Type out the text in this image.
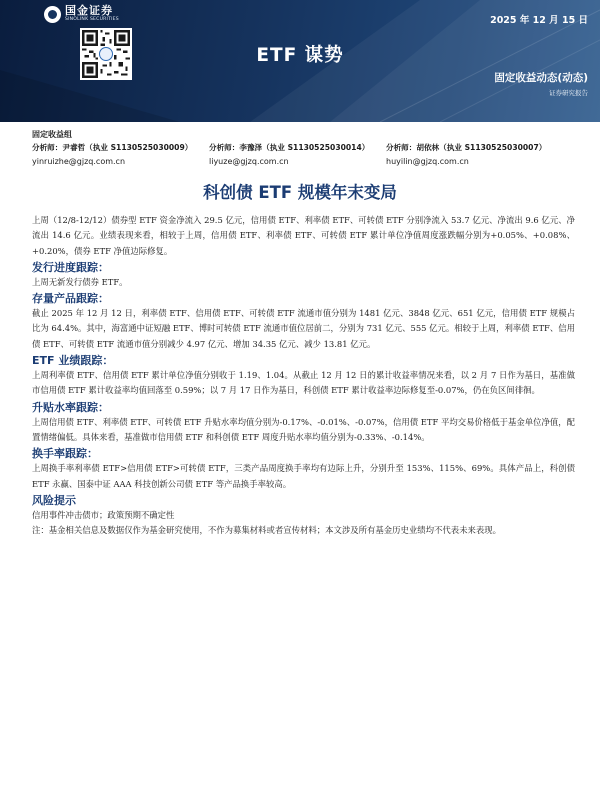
国金证券
SINOLINK SECURITIES	2025 年 12 月 15 日
ETF 谋势
固定收益动态(动态)
证券研究报告
固定收益组
分析师：尹睿哲（执业 S1130525030009）
yinruizhe@gjzq.com.cn
分析师：李豫泽（执业 S1130525030014）
liyuze@gjzq.com.cn
分析师：胡依林（执业 S1130525030007）
huyilin@gjzq.com.cn
科创债 ETF 规模年末变局

上周（12/8-12/12）债券型 ETF 资金净流入 29.5 亿元，信用债 ETF、利率债 ETF、可转债 ETF 分别净流入 53.7 亿元、净流出 9.6 亿元、净流出 14.6 亿元。业绩表现来看，相较于上周，信用债 ETF、利率债 ETF、可转债 ETF 累计单位净值周度涨跌幅分别为+0.05%、+0.08%、+0.20%，债券 ETF 净值边际修复。

发行进度跟踪：

上周无新发行债券 ETF。

存量产品跟踪：

截止 2025 年 12 月 12 日，利率债 ETF、信用债 ETF、可转债 ETF 流通市值分别为 1481 亿元、3848 亿元、651 亿元，信用债 ETF 规模占比为 64.4%。其中，海富通中证短融 ETF、博时可转债 ETF 流通市值位居前二，分别为 731 亿元、555 亿元。相较于上周，利率债 ETF、信用债 ETF、可转债 ETF 流通市值分别减少 4.97 亿元、增加 34.35 亿元、减少 13.81 亿元。

ETF 业绩跟踪：

上周利率债 ETF、信用债 ETF 累计单位净值分别收于 1.19、1.04。从截止 12 月 12 日的累计收益率情况来看，以 2 月 7 日作为基日，基准做市信用债 ETF 累计收益率均值回落至 0.59%；以 7 月 17 日作为基日，科创债 ETF 累计收益率边际修复至-0.07%，仍在负区间徘徊。

升贴水率跟踪：

上周信用债 ETF、利率债 ETF、可转债 ETF 升贴水率均值分别为-0.17%、-0.01%、-0.07%，信用债 ETF 平均交易价格低于基金单位净值，配置情绪偏低。具体来看，基准做市信用债 ETF 和科创债 ETF 周度升贴水率均值分别为-0.33%、-0.14%。

换手率跟踪：

上周换手率利率债 ETF>信用债 ETF>可转债 ETF，三类产品周度换手率均有边际上升，分别升至 153%、115%、69%。具体产品上，科创债 ETF 永赢、国泰中证 AAA 科技创新公司债 ETF 等产品换手率较高。

风险提示

信用事件冲击债市；政策预期不确定性

注：基金相关信息及数据仅作为基金研究使用，不作为募集材料或者宣传材料；本文涉及所有基金历史业绩均不代表未来表现。
